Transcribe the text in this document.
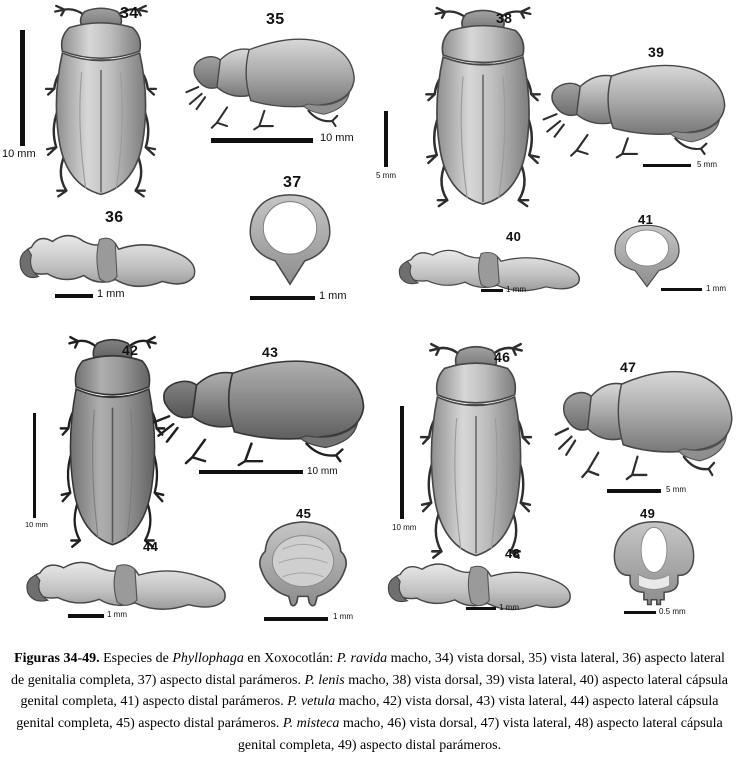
34
10 mm
35
10 mm
36
1 mm
37
1 mm
38
5 mm
39
5 mm
40
1 mm
41
1 mm
42
10 mm
43
10 mm
44
1 mm
45
1 mm
46
10 mm
47
5 mm
48
1 mm
49
0.5 mm

Figuras 34-49. Especies de Phyllophaga en Xoxocotlán: P. ravida macho, 34) vista dorsal, 35) vista lateral, 36) aspecto lateral de genitalia completa, 37) aspecto distal parámeros. P. lenis macho, 38) vista dorsal, 39) vista lateral, 40) aspecto lateral cápsula genital completa, 41) aspecto distal parámeros. P. vetula macho, 42) vista dorsal, 43) vista lateral, 44) aspecto lateral cápsula genital completa, 45) aspecto distal parámeros. P. misteca macho, 46) vista dorsal, 47) vista lateral, 48) aspecto lateral cápsula genital completa, 49) aspecto distal parámeros.
